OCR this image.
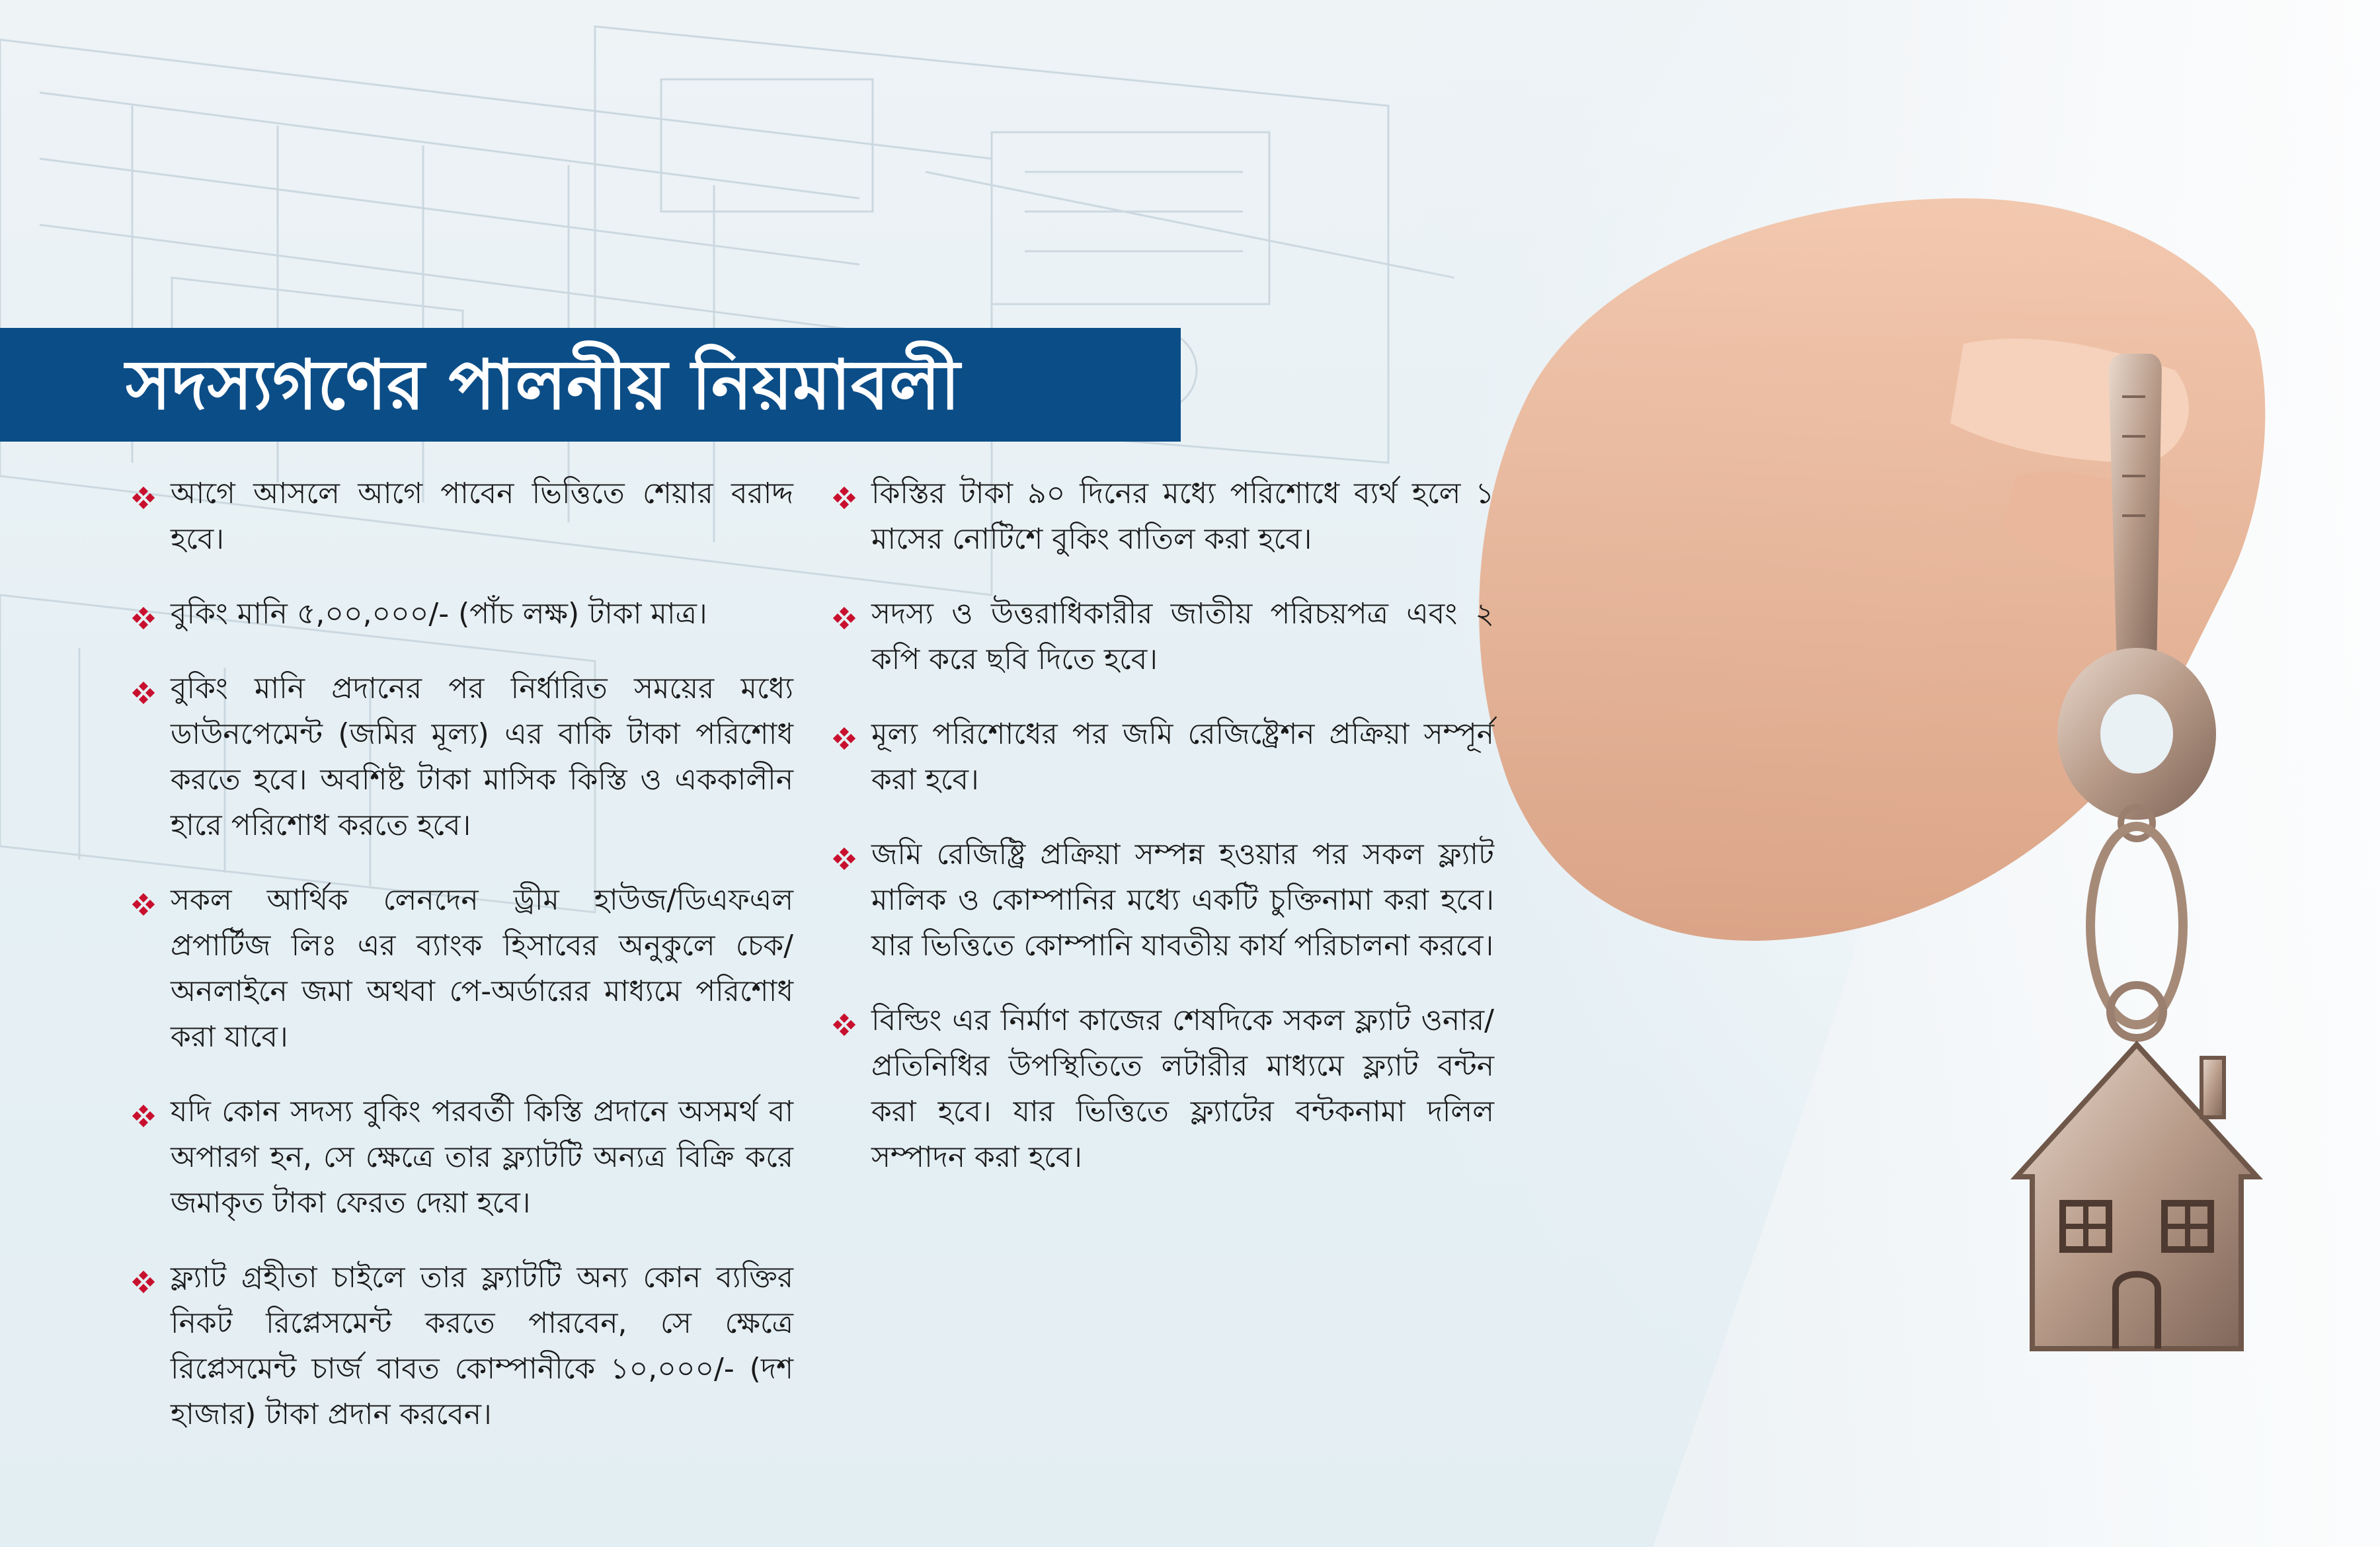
সদস্যগণের পালনীয় নিয়মাবলী
আগে আসলে আগে পাবেন ভিত্তিতে শেয়ার বরাদ্দ হবে।
বুকিং মানি ৫,০০,০০০/- (পাঁচ লক্ষ) টাকা মাত্র।
বুকিং মানি প্রদানের পর নির্ধারিত সময়ের মধ্যে ডাউনপেমেন্ট (জমির মূল্য) এর বাকি টাকা পরিশোধ করতে হবে। অবশিষ্ট টাকা মাসিক কিস্তি ও এককালীন হারে পরিশোধ করতে হবে।
সকল আর্থিক লেনদেন ড্রীম হাউজ/ডিএফএল প্রপার্টিজ লিঃ এর ব্যাংক হিসাবের অনুকুলে চেক/অনলাইনে জমা অথবা পে-অর্ডারের মাধ্যমে পরিশোধ করা যাবে।
যদি কোন সদস্য বুকিং পরবর্তী কিস্তি প্রদানে অসমর্থ বা অপারগ হন, সে ক্ষেত্রে তার ফ্ল্যাটটি অন্যত্র বিক্রি করে জমাকৃত টাকা ফেরত দেয়া হবে।
ফ্ল্যাট গ্রহীতা চাইলে তার ফ্ল্যাটটি অন্য কোন ব্যক্তির নিকট রিপ্লেসমেন্ট করতে পারবেন, সে ক্ষেত্রে রিপ্লেসমেন্ট চার্জ বাবত কোম্পানীকে ১০,০০০/- (দশ হাজার) টাকা প্রদান করবেন।
কিস্তির টাকা ৯০ দিনের মধ্যে পরিশোধে ব্যর্থ হলে ১ মাসের নোটিশে বুকিং বাতিল করা হবে।
সদস্য ও উত্তরাধিকারীর জাতীয় পরিচয়পত্র এবং ২ কপি করে ছবি দিতে হবে।
মূল্য পরিশোধের পর জমি রেজিষ্ট্রেশন প্রক্রিয়া সম্পূর্ন করা হবে।
জমি রেজিষ্ট্রি প্রক্রিয়া সম্পন্ন হওয়ার পর সকল ফ্ল্যাট মালিক ও কোম্পানির মধ্যে একটি চুক্তিনামা করা হবে। যার ভিত্তিতে কোম্পানি যাবতীয় কার্য পরিচালনা করবে।
বিল্ডিং এর নির্মাণ কাজের শেষদিকে সকল ফ্ল্যাট ওনার/প্রতিনিধির উপস্থিতিতে লটারীর মাধ্যমে ফ্ল্যাট বন্টন করা হবে। যার ভিত্তিতে ফ্ল্যাটের বন্টকনামা দলিল সম্পাদন করা হবে।
